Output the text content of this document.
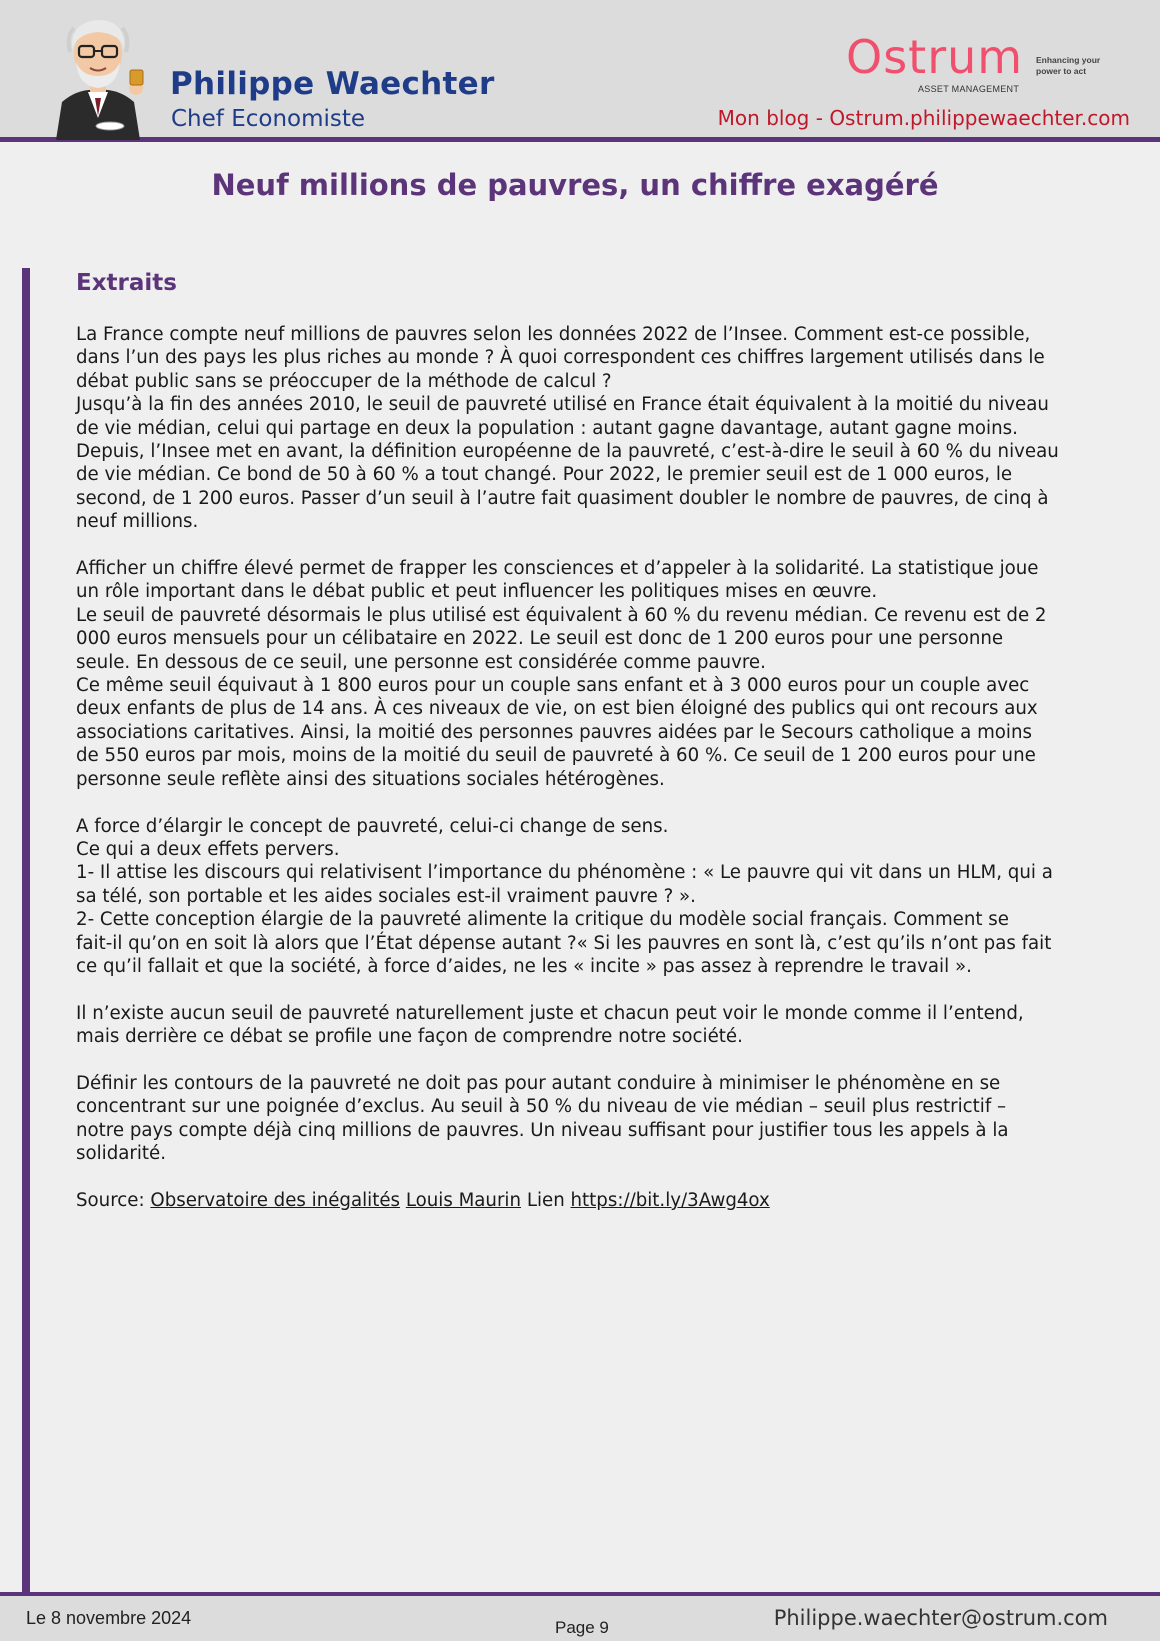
Philippe Waechter
Chef Economiste
Ostrum
ASSET MANAGEMENT
Enhancing your power to act
Mon blog - Ostrum.philippewaechter.com
Neuf millions de pauvres, un chiffre exagéré
Extraits
La France compte neuf millions de pauvres selon les données 2022 de l’Insee. Comment est-ce possible,
dans l’un des pays les plus riches au monde ? À quoi correspondent ces chiffres largement utilisés dans le
débat public sans se préoccuper de la méthode de calcul ?
Jusqu’à la fin des années 2010, le seuil de pauvreté utilisé en France était équivalent à la moitié du niveau
de vie médian, celui qui partage en deux la population : autant gagne davantage, autant gagne moins.
Depuis, l’Insee met en avant, la définition européenne de la pauvreté, c’est-à-dire le seuil à 60 % du niveau
de vie médian. Ce bond de 50 à 60 % a tout changé. Pour 2022, le premier seuil est de 1 000 euros, le
second, de 1 200 euros. Passer d’un seuil à l’autre fait quasiment doubler le nombre de pauvres, de cinq à
neuf millions.
Afficher un chiffre élevé permet de frapper les consciences et d’appeler à la solidarité. La statistique joue
un rôle important dans le débat public et peut influencer les politiques mises en œuvre.
Le seuil de pauvreté désormais le plus utilisé est équivalent à 60 % du revenu médian. Ce revenu est de 2
000 euros mensuels pour un célibataire en 2022. Le seuil est donc de 1 200 euros pour une personne
seule. En dessous de ce seuil, une personne est considérée comme pauvre.
Ce même seuil équivaut à 1 800 euros pour un couple sans enfant et à 3 000 euros pour un couple avec
deux enfants de plus de 14 ans. À ces niveaux de vie, on est bien éloigné des publics qui ont recours aux
associations caritatives. Ainsi, la moitié des personnes pauvres aidées par le Secours catholique a moins
de 550 euros par mois, moins de la moitié du seuil de pauvreté à 60 %. Ce seuil de 1 200 euros pour une
personne seule reflète ainsi des situations sociales hétérogènes.
A force d’élargir le concept de pauvreté, celui-ci change de sens.
Ce qui a deux effets pervers.
1- Il attise les discours qui relativisent l’importance du phénomène : « Le pauvre qui vit dans un HLM, qui a
sa télé, son portable et les aides sociales est-il vraiment pauvre ? ».
2- Cette conception élargie de la pauvreté alimente la critique du modèle social français. Comment se
fait-il qu’on en soit là alors que l’État dépense autant ?« Si les pauvres en sont là, c’est qu’ils n’ont pas fait
ce qu’il fallait et que la société, à force d’aides, ne les « incite » pas assez à reprendre le travail ».
Il n’existe aucun seuil de pauvreté naturellement juste et chacun peut voir le monde comme il l’entend,
mais derrière ce débat se profile une façon de comprendre notre société.
Définir les contours de la pauvreté ne doit pas pour autant conduire à minimiser le phénomène en se
concentrant sur une poignée d’exclus. Au seuil à 50 % du niveau de vie médian – seuil plus restrictif –
notre pays compte déjà cinq millions de pauvres. Un niveau suffisant pour justifier tous les appels à la
solidarité.
Source: Observatoire des inégalités Louis Maurin Lien https://bit.ly/3Awg4ox
Le 8 novembre 2024	Page 9	Philippe.waechter@ostrum.com
